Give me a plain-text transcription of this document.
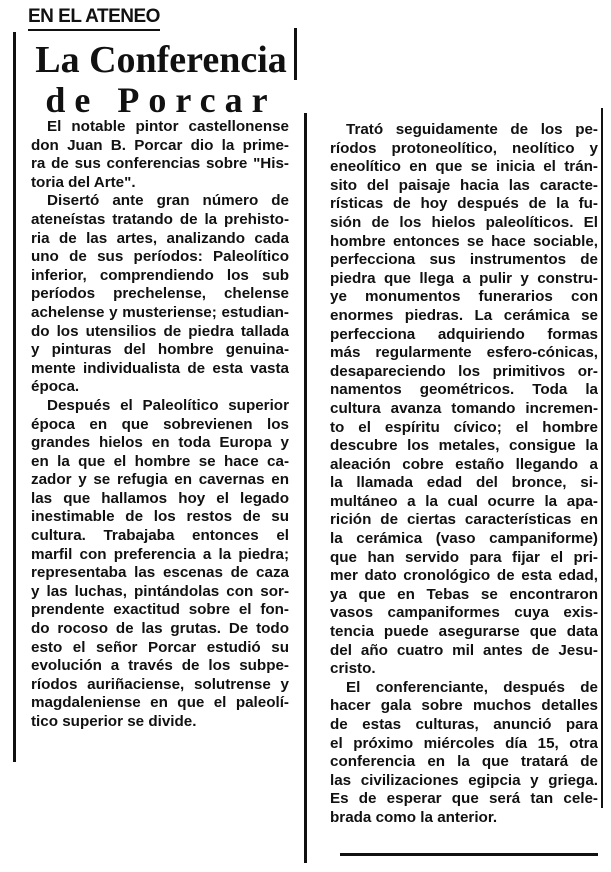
EN EL ATENEO
La Conferencia
de Porcar
El notable pintor castellonense
don Juan B. Porcar dio la prime-
ra de sus conferencias sobre "His-
toria del Arte".
Disertó ante gran número de
ateneístas tratando de la prehisto-
ria de las artes, analizando cada
uno de sus períodos: Paleolítico
inferior, comprendiendo los sub
períodos prechelense, chelense
achelense y musteriense; estudian-
do los utensilios de piedra tallada
y pinturas del hombre genuina-
mente individualista de esta vasta
época.
Después el Paleolítico superior
época en que sobrevienen los
grandes hielos en toda Europa y
en la que el hombre se hace ca-
zador y se refugia en cavernas en
las que hallamos hoy el legado
inestimable de los restos de su
cultura. Trabajaba entonces el
marfil con preferencia a la piedra;
representaba las escenas de caza
y las luchas, pintándolas con sor-
prendente exactitud sobre el fon-
do rocoso de las grutas. De todo
esto el señor Porcar estudió su
evolución a través de los subpe-
ríodos auriñaciense, solutrense y
magdaleniense en que el paleolí-
tico superior se divide.
Trató seguidamente de los pe-
ríodos protoneolítico, neolítico y
eneolítico en que se inicia el trán-
sito del paisaje hacia las caracte-
rísticas de hoy después de la fu-
sión de los hielos paleolíticos. El
hombre entonces se hace sociable,
perfecciona sus instrumentos de
piedra que llega a pulir y constru-
ye monumentos funerarios con
enormes piedras. La cerámica se
perfecciona adquiriendo formas
más regularmente esfero-cónicas,
desapareciendo los primitivos or-
namentos geométricos. Toda la
cultura avanza tomando incremen-
to el espíritu cívico; el hombre
descubre los metales, consigue la
aleación cobre estaño llegando a
la llamada edad del bronce, si-
multáneo a la cual ocurre la apa-
rición de ciertas características en
la cerámica (vaso campaniforme)
que han servido para fijar el pri-
mer dato cronológico de esta edad,
ya que en Tebas se encontraron
vasos campaniformes cuya exis-
tencia puede asegurarse que data
del año cuatro mil antes de Jesu-
cristo.
El conferenciante, después de
hacer gala sobre muchos detalles
de estas culturas, anunció para
el próximo miércoles día 15, otra
conferencia en la que tratará de
las civilizaciones egipcia y griega.
Es de esperar que será tan cele-
brada como la anterior.
